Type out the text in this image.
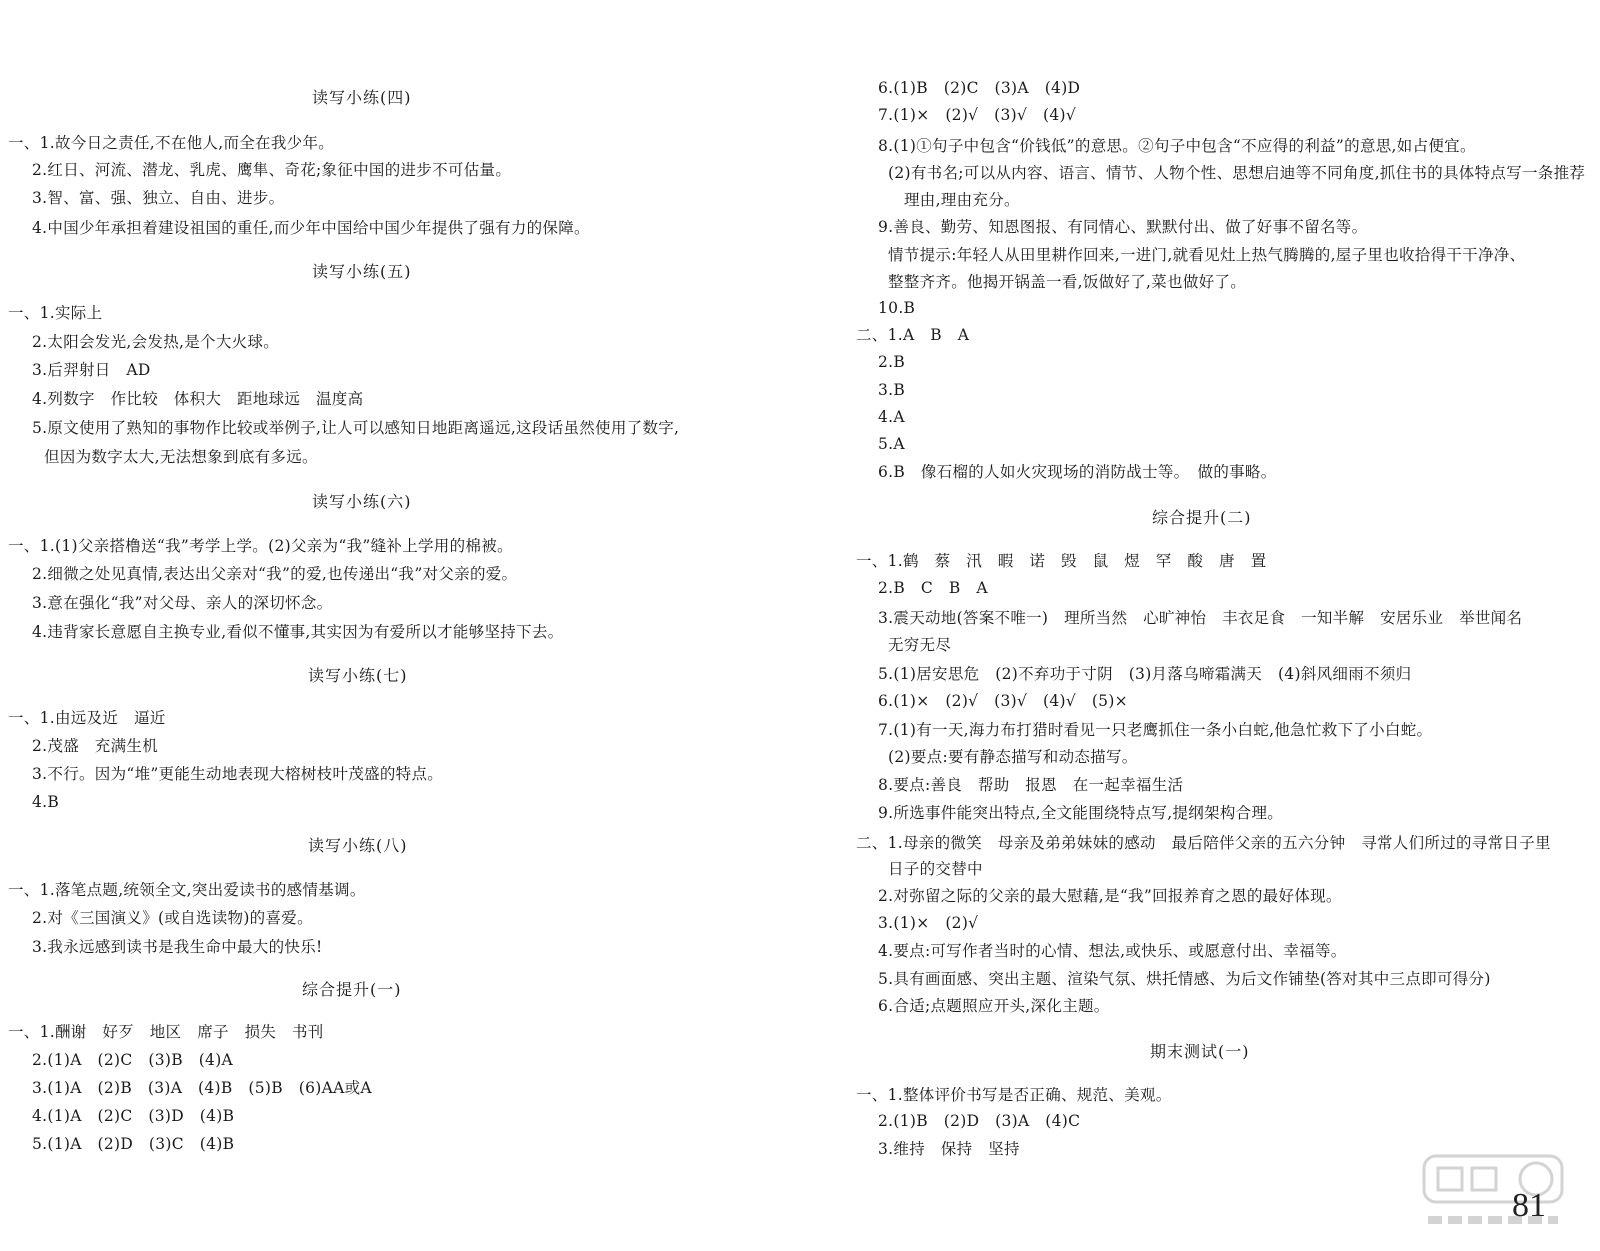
读写小练(四)
一、1.故今日之责任,不在他人,而全在我少年。
2.红日、河流、潜龙、乳虎、鹰隼、奇花;象征中国的进步不可估量。
3.智、富、强、独立、自由、进步。
4.中国少年承担着建设祖国的重任,而少年中国给中国少年提供了强有力的保障。
读写小练(五)
一、1.实际上
2.太阳会发光,会发热,是个大火球。
3.后羿射日　AD
4.列数字　作比较　体积大　距地球远　温度高
5.原文使用了熟知的事物作比较或举例子,让人可以感知日地距离遥远,这段话虽然使用了数字,
但因为数字太大,无法想象到底有多远。
读写小练(六)
一、1.(1)父亲搭橹送“我”考学上学。(2)父亲为“我”缝补上学用的棉被。
2.细微之处见真情,表达出父亲对“我”的爱,也传递出“我”对父亲的爱。
3.意在强化“我”对父母、亲人的深切怀念。
4.违背家长意愿自主换专业,看似不懂事,其实因为有爱所以才能够坚持下去。
读写小练(七)
一、1.由远及近　逼近
2.茂盛　充满生机
3.不行。因为“堆”更能生动地表现大榕树枝叶茂盛的特点。
4.B
读写小练(八)
一、1.落笔点题,统领全文,突出爱读书的感情基调。
2.对《三国演义》(或自选读物)的喜爱。
3.我永远感到读书是我生命中最大的快乐!
综合提升(一)
一、1.酬谢　好歹　地区　席子　损失　书刊
2.(1)A　(2)C　(3)B　(4)A
3.(1)A　(2)B　(3)A　(4)B　(5)B　(6)AA或A
4.(1)A　(2)C　(3)D　(4)B
5.(1)A　(2)D　(3)C　(4)B
6.(1)B　(2)C　(3)A　(4)D
7.(1)×　(2)√　(3)√　(4)√
8.(1)①句子中包含“价钱低”的意思。②句子中包含“不应得的利益”的意思,如占便宜。
(2)有书名;可以从内容、语言、情节、人物个性、思想启迪等不同角度,抓住书的具体特点写一条推荐
理由,理由充分。
9.善良、勤劳、知恩图报、有同情心、默默付出、做了好事不留名等。
情节提示:年轻人从田里耕作回来,一进门,就看见灶上热气腾腾的,屋子里也收拾得干干净净、
整整齐齐。他揭开锅盖一看,饭做好了,菜也做好了。
10.B
二、1.A　B　A
2.B
3.B
4.A
5.A
6.B　像石榴的人如火灾现场的消防战士等。　做的事略。
综合提升(二)
一、1.鹤　蔡　汛　暇　诺　毁　鼠　煜　罕　酸　唐　置
2.B　C　B　A
3.震天动地(答案不唯一)　理所当然　心旷神怡　丰衣足食　一知半解　安居乐业　举世闻名
无穷无尽
5.(1)居安思危　(2)不弃功于寸阴　(3)月落乌啼霜满天　(4)斜风细雨不须归
6.(1)×　(2)√　(3)√　(4)√　(5)×
7.(1)有一天,海力布打猎时看见一只老鹰抓住一条小白蛇,他急忙救下了小白蛇。
(2)要点:要有静态描写和动态描写。
8.要点:善良　帮助　报恩　在一起幸福生活
9.所选事件能突出特点,全文能围绕特点写,提纲架构合理。
二、1.母亲的微笑　母亲及弟弟妹妹的感动　最后陪伴父亲的五六分钟　寻常人们所过的寻常日子里
日子的交替中
2.对弥留之际的父亲的最大慰藉,是“我”回报养育之恩的最好体现。
3.(1)×　(2)√
4.要点:可写作者当时的心情、想法,或快乐、或愿意付出、幸福等。
5.具有画面感、突出主题、渲染气氛、烘托情感、为后文作铺垫(答对其中三点即可得分)
6.合适;点题照应开头,深化主题。
期末测试(一)
一、1.整体评价书写是否正确、规范、美观。
2.(1)B　(2)D　(3)A　(4)C
3.维持　保持　坚持
81
